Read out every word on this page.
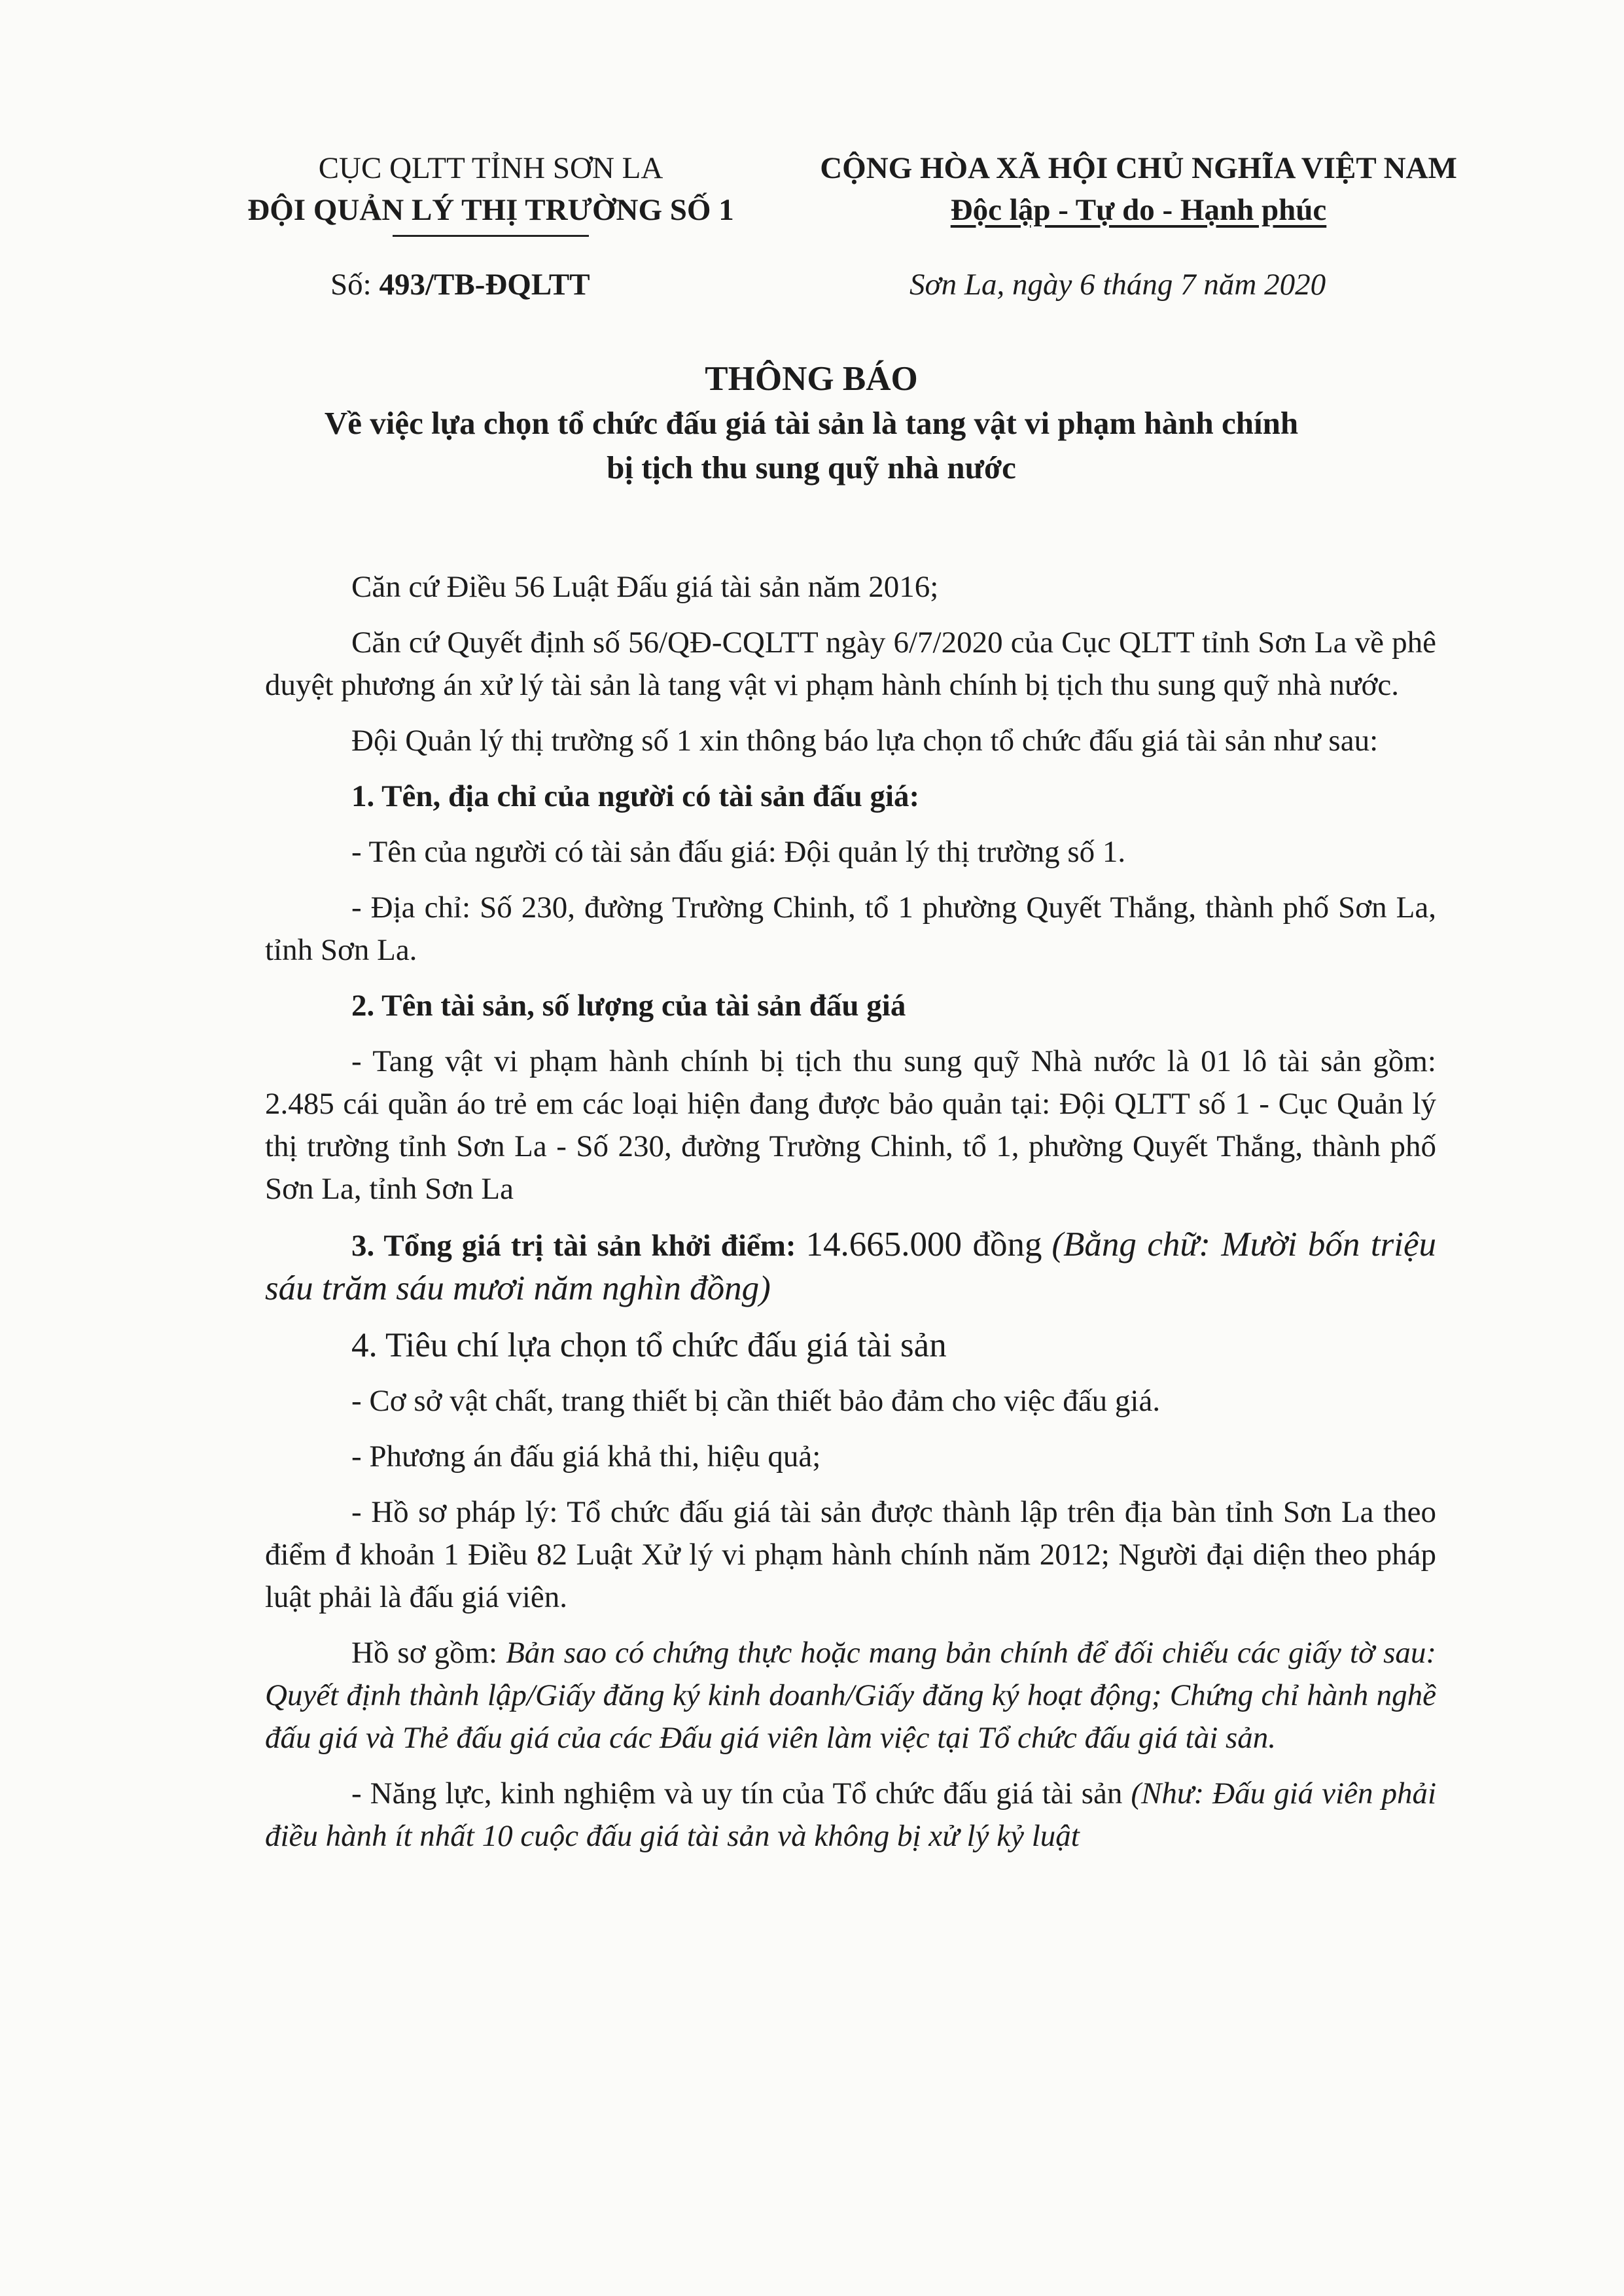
CỤC QLTT TỈNH SƠN LA
ĐỘI QUẢN LÝ THỊ TRƯỜNG SỐ 1
CỘNG HÒA XÃ HỘI CHỦ NGHĨA VIỆT NAM
Độc lập - Tự do - Hạnh phúc
Số: 493/TB-ĐQLTT	Sơn La, ngày 6 tháng 7 năm 2020
THÔNG BÁO
Về việc lựa chọn tổ chức đấu giá tài sản là tang vật vi phạm hành chính
bị tịch thu sung quỹ nhà nước

Căn cứ Điều 56 Luật Đấu giá tài sản năm 2016;

Căn cứ Quyết định số 56/QĐ-CQLTT ngày 6/7/2020 của Cục QLTT tỉnh Sơn La về phê duyệt phương án xử lý tài sản là tang vật vi phạm hành chính bị tịch thu sung quỹ nhà nước.

Đội Quản lý thị trường số 1 xin thông báo lựa chọn tổ chức đấu giá tài sản như sau:

1. Tên, địa chỉ của người có tài sản đấu giá:

- Tên của người có tài sản đấu giá: Đội quản lý thị trường số 1.

- Địa chỉ: Số 230, đường Trường Chinh, tổ 1 phường Quyết Thắng, thành phố Sơn La, tỉnh Sơn La.

2. Tên tài sản, số lượng của tài sản đấu giá

- Tang vật vi phạm hành chính bị tịch thu sung quỹ Nhà nước là 01 lô tài sản gồm: 2.485 cái quần áo trẻ em các loại hiện đang được bảo quản tại: Đội QLTT số 1 - Cục Quản lý thị trường tỉnh Sơn La - Số 230, đường Trường Chinh, tổ 1, phường Quyết Thắng, thành phố Sơn La, tỉnh Sơn La

3. Tổng giá trị tài sản khởi điểm: 14.665.000 đồng (Bằng chữ: Mười bốn triệu sáu trăm sáu mươi năm nghìn đồng)

4. Tiêu chí lựa chọn tổ chức đấu giá tài sản

- Cơ sở vật chất, trang thiết bị cần thiết bảo đảm cho việc đấu giá.

- Phương án đấu giá khả thi, hiệu quả;

- Hồ sơ pháp lý: Tổ chức đấu giá tài sản được thành lập trên địa bàn tỉnh Sơn La theo điểm đ khoản 1 Điều 82 Luật Xử lý vi phạm hành chính năm 2012; Người đại diện theo pháp luật phải là đấu giá viên.

Hồ sơ gồm: Bản sao có chứng thực hoặc mang bản chính để đối chiếu các giấy tờ sau: Quyết định thành lập/Giấy đăng ký kinh doanh/Giấy đăng ký hoạt động; Chứng chỉ hành nghề đấu giá và Thẻ đấu giá của các Đấu giá viên làm việc tại Tổ chức đấu giá tài sản.

- Năng lực, kinh nghiệm và uy tín của Tổ chức đấu giá tài sản (Như: Đấu giá viên phải điều hành ít nhất 10 cuộc đấu giá tài sản và không bị xử lý kỷ luật
